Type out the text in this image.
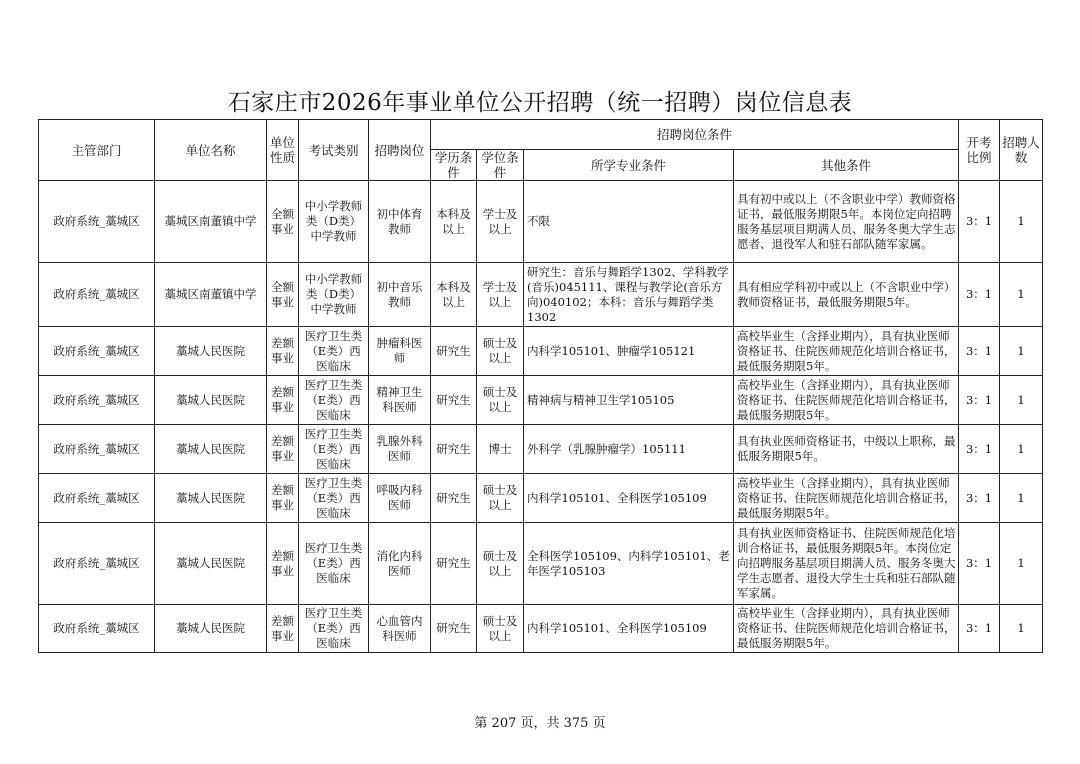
石家庄市2026年事业单位公开招聘（统一招聘）岗位信息表
主管部门	单位名称	单位性质	考试类别	招聘岗位	招聘岗位条件				开考比例	招聘人数
					学历条件	学位条件	所学专业条件	其他条件		
政府系统_藁城区	藁城区南董镇中学	全额事业	中小学教师类（D类）中学教师	初中体育教师	本科及以上	学士及以上	不限	具有初中或以上（不含职业中学）教师资格证书，最低服务期限5年。本岗位定向招聘服务基层项目期满人员、服务冬奥大学生志愿者、退役军人和驻石部队随军家属。	3：1	1
政府系统_藁城区	藁城区南董镇中学	全额事业	中小学教师类（D类）中学教师	初中音乐教师	本科及以上	学士及以上	研究生：音乐与舞蹈学1302、学科教学(音乐)045111、课程与教学论(音乐方向)040102；本科：音乐与舞蹈学类1302	具有相应学科初中或以上（不含职业中学）教师资格证书，最低服务期限5年。	3：1	1
政府系统_藁城区	藁城人民医院	差额事业	医疗卫生类（E类）西医临床	肿瘤科医师	研究生	硕士及以上	内科学105101、肿瘤学105121	高校毕业生（含择业期内），具有执业医师资格证书、住院医师规范化培训合格证书，最低服务期限5年。	3：1	1
政府系统_藁城区	藁城人民医院	差额事业	医疗卫生类（E类）西医临床	精神卫生科医师	研究生	硕士及以上	精神病与精神卫生学105105	高校毕业生（含择业期内），具有执业医师资格证书、住院医师规范化培训合格证书，最低服务期限5年。	3：1	1
政府系统_藁城区	藁城人民医院	差额事业	医疗卫生类（E类）西医临床	乳腺外科医师	研究生	博士	外科学（乳腺肿瘤学）105111	具有执业医师资格证书，中级以上职称，最低服务期限5年。	3：1	1
政府系统_藁城区	藁城人民医院	差额事业	医疗卫生类（E类）西医临床	呼吸内科医师	研究生	硕士及以上	内科学105101、全科医学105109	高校毕业生（含择业期内），具有执业医师资格证书、住院医师规范化培训合格证书，最低服务期限5年。	3：1	1
政府系统_藁城区	藁城人民医院	差额事业	医疗卫生类（E类）西医临床	消化内科医师	研究生	硕士及以上	全科医学105109、内科学105101、老年医学105103	具有执业医师资格证书、住院医师规范化培训合格证书，最低服务期限5年。本岗位定向招聘服务基层项目期满人员、服务冬奥大学生志愿者、退役大学生士兵和驻石部队随军家属。	3：1	1
政府系统_藁城区	藁城人民医院	差额事业	医疗卫生类（E类）西医临床	心血管内科医师	研究生	硕士及以上	内科学105101、全科医学105109	高校毕业生（含择业期内），具有执业医师资格证书、住院医师规范化培训合格证书，最低服务期限5年。	3：1	1
第 207 页，共 375 页
